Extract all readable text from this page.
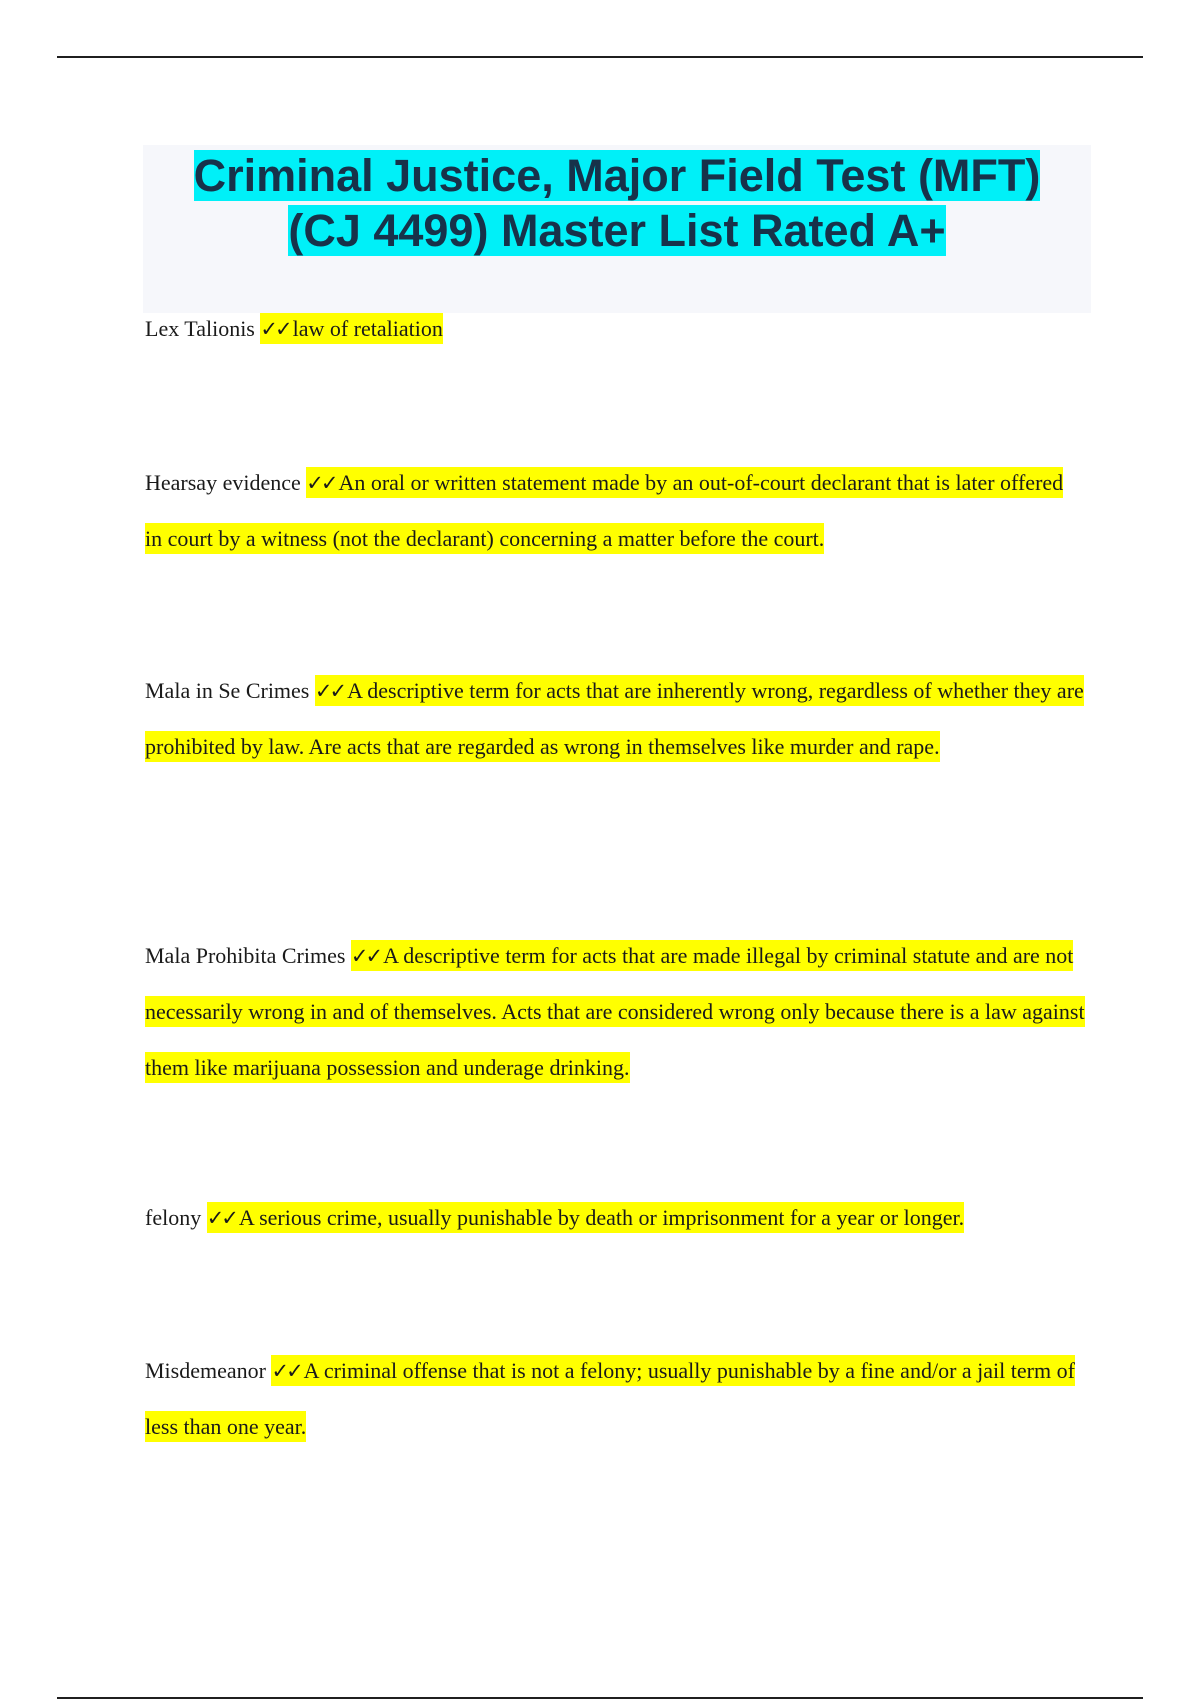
Criminal Justice, Major Field Test (MFT)
(CJ 4499) Master List Rated A+
Lex Talionis ✓✓ law of retaliation
Hearsay evidence ✓✓ An oral or written statement made by an out-of-court declarant that is later offered in court by a witness (not the declarant) concerning a matter before the court.
Mala in Se Crimes ✓✓ A descriptive term for acts that are inherently wrong, regardless of whether they are prohibited by law. Are acts that are regarded as wrong in themselves like murder and rape.
Mala Prohibita Crimes ✓✓ A descriptive term for acts that are made illegal by criminal statute and are not necessarily wrong in and of themselves. Acts that are considered wrong only because there is a law against them like marijuana possession and underage drinking.
felony ✓✓ A serious crime, usually punishable by death or imprisonment for a year or longer.
Misdemeanor ✓✓ A criminal offense that is not a felony; usually punishable by a fine and/or a jail term of less than one year.
